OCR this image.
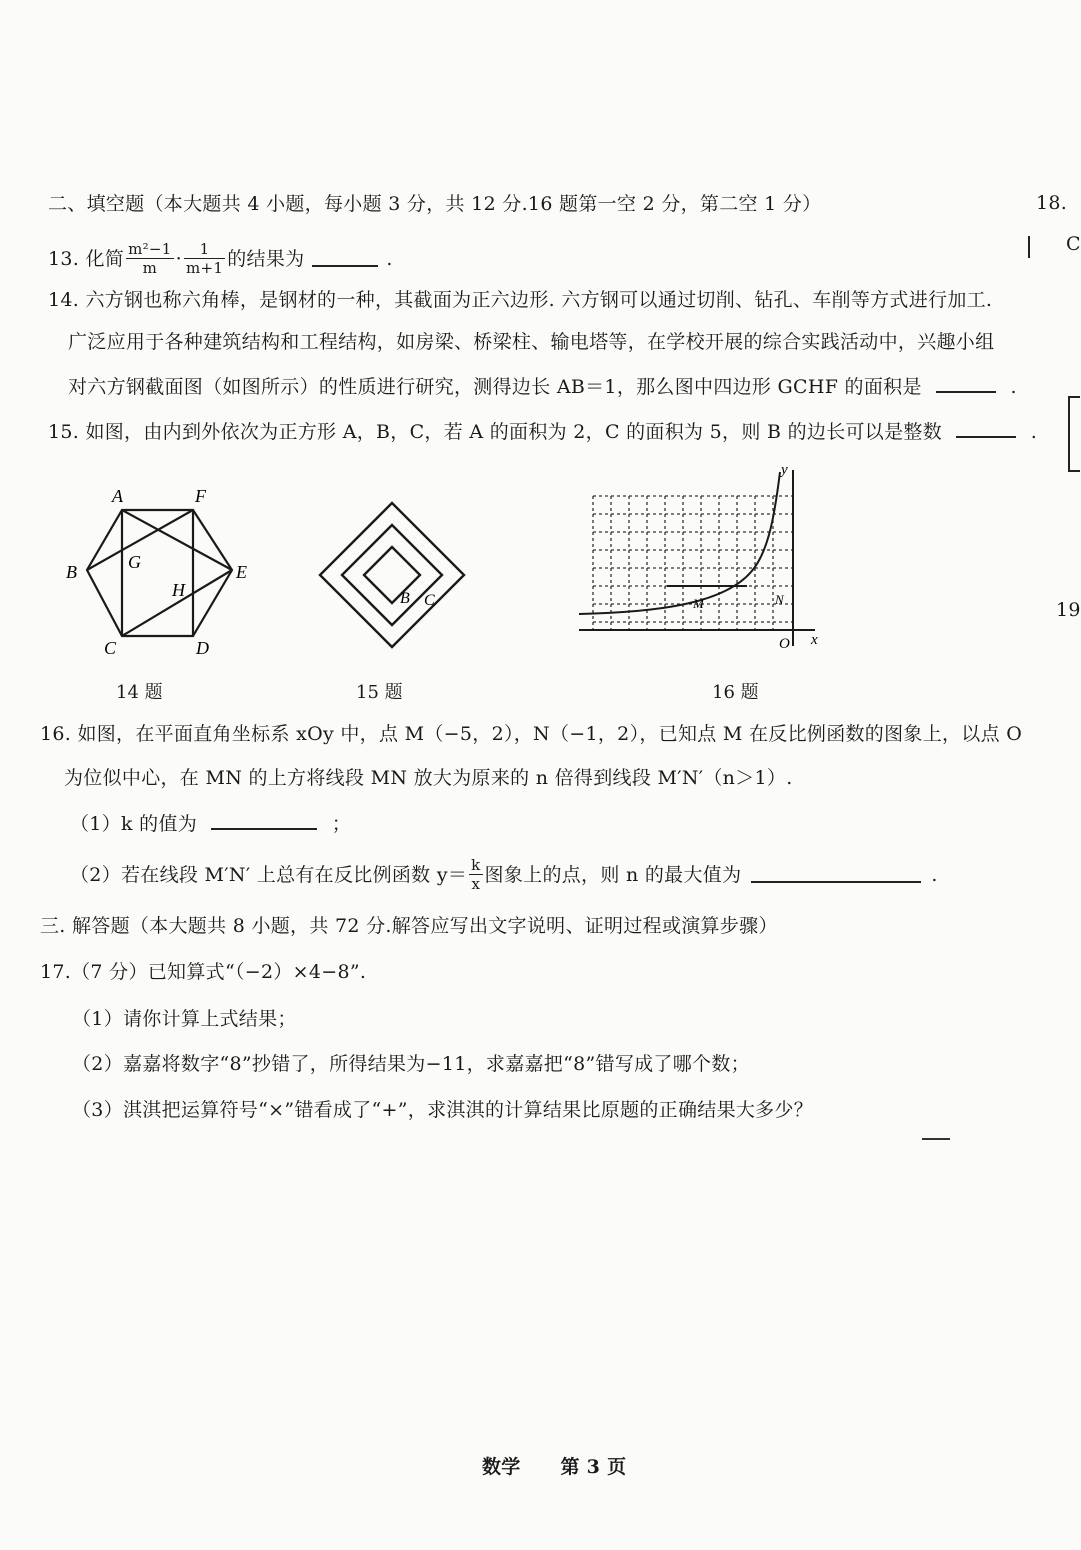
18.
C
19
二、填空题（本大题共 4 小题，每小题 3 分，共 12 分.16 题第一空 2 分，第二空 1 分）
13. 化简 $\frac{\text{m²−1}}{m} \cdot \frac{1}{m+1}$ 的结果为	.
14. 六方钢也称六角棒，是钢材的一种，其截面为正六边形. 六方钢可以通过切削、钻孔、车削等方式进行加工.
广泛应用于各种建筑结构和工程结构，如房梁、桥梁柱、输电塔等，在学校开展的综合实践活动中，兴趣小组
对六方钢截面图（如图所示）的性质进行研究，测得边长 AB＝1，那么图中四边形 GCHF 的面积是	.
15. 如图，由内到外依次为正方形 A，B，C，若 A 的面积为 2，C 的面积为 5，则 B 的边长可以是整数	.
A	F
B	G
H
E
C	D
14 题
B C
15 题
y
x
O
M	N
16 题
16. 如图，在平面直角坐标系 xOy 中，点 M（−5，2），N（−1，2），已知点 M 在反比例函数的图象上，以点 O
为位似中心，在 MN 的上方将线段 MN 放大为原来的 n 倍得到线段 M′N′（n＞1）.
（1）k 的值为	；
（2）若在线段 M′N′ 上总有在反比例函数 $y= \frac{k}{x}$ 图象上的点，则 n 的最大值为	.
三. 解答题（本大题共 8 小题，共 72 分.解答应写出文字说明、证明过程或演算步骤）
17.（7 分）已知算式“（−2）×4−8”.
（1）请你计算上式结果；
（2）嘉嘉将数字“8”抄错了，所得结果为−11，求嘉嘉把“8”错写成了哪个数；
（3）淇淇把运算符号“×”错看成了“+”，求淇淇的计算结果比原题的正确结果大多少？
数学 第 3 页
